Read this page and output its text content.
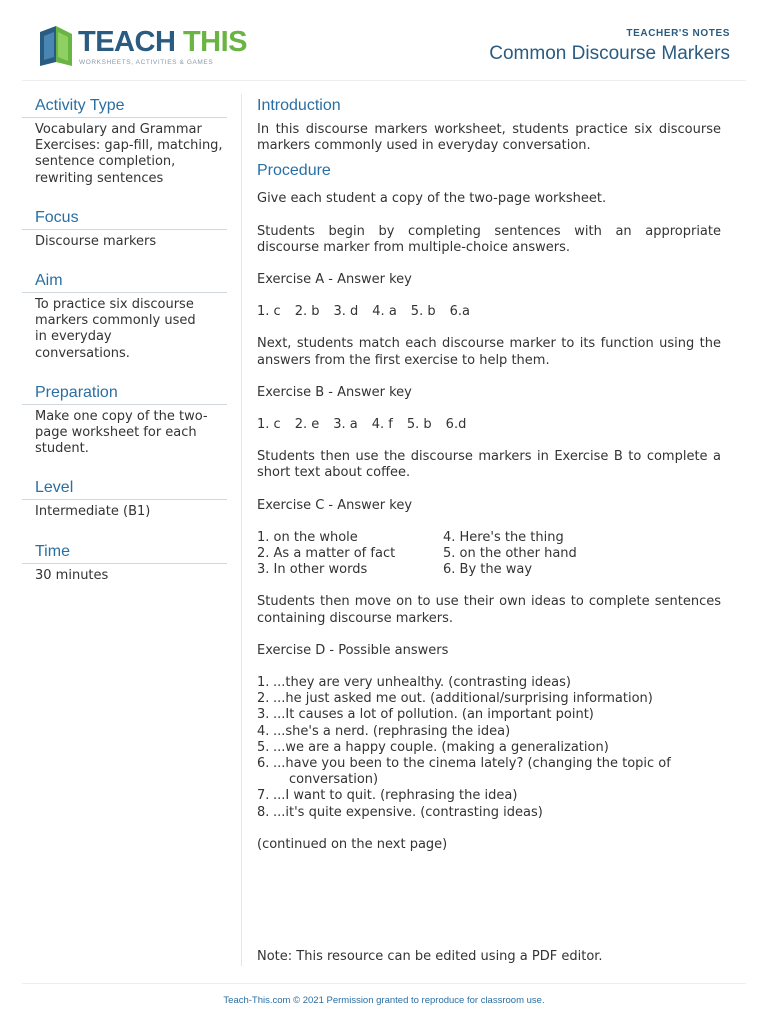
TEACH THIS
WORKSHEETS, ACTIVITIES & GAMES
TEACHER'S NOTES
Common Discourse Markers
Activity Type
Vocabulary and Grammar Exercises: gap-fill, matching, sentence completion, rewriting sentences
Focus
Discourse markers
Aim
To practice six discourse markers commonly used in everyday conversations.
Preparation
Make one copy of the two-page worksheet for each student.
Level
Intermediate (B1)
Time
30 minutes
Introduction
In this discourse markers worksheet, students practice six discourse markers commonly used in everyday conversation.
Procedure
Give each student a copy of the two-page worksheet.
Students begin by completing sentences with an appropriate discourse marker from multiple-choice answers.
Exercise A - Answer key
1. c 2. b 3. d 4. a 5. b 6.a
Next, students match each discourse marker to its function using the answers from the first exercise to help them.
Exercise B - Answer key
1. c 2. e 3. a 4. f 5. b 6.d
Students then use the discourse markers in Exercise B to complete a short text about coffee.
Exercise C - Answer key
1. on the whole
2. As a matter of fact
3. In other words
4. Here's the thing
5. on the other hand
6. By the way
Students then move on to use their own ideas to complete sentences containing discourse markers.
Exercise D - Possible answers
1. ...they are very unhealthy. (contrasting ideas)
2. ...he just asked me out. (additional/surprising information)
3. ...It causes a lot of pollution. (an important point)
4. ...she's a nerd. (rephrasing the idea)
5. ...we are a happy couple. (making a generalization)
6. ...have you been to the cinema lately? (changing the topic of conversation)
7. ...I want to quit. (rephrasing the idea)
8. ...it's quite expensive. (contrasting ideas)
(continued on the next page)
Note: This resource can be edited using a PDF editor.
Teach-This.com © 2021 Permission granted to reproduce for classroom use.
